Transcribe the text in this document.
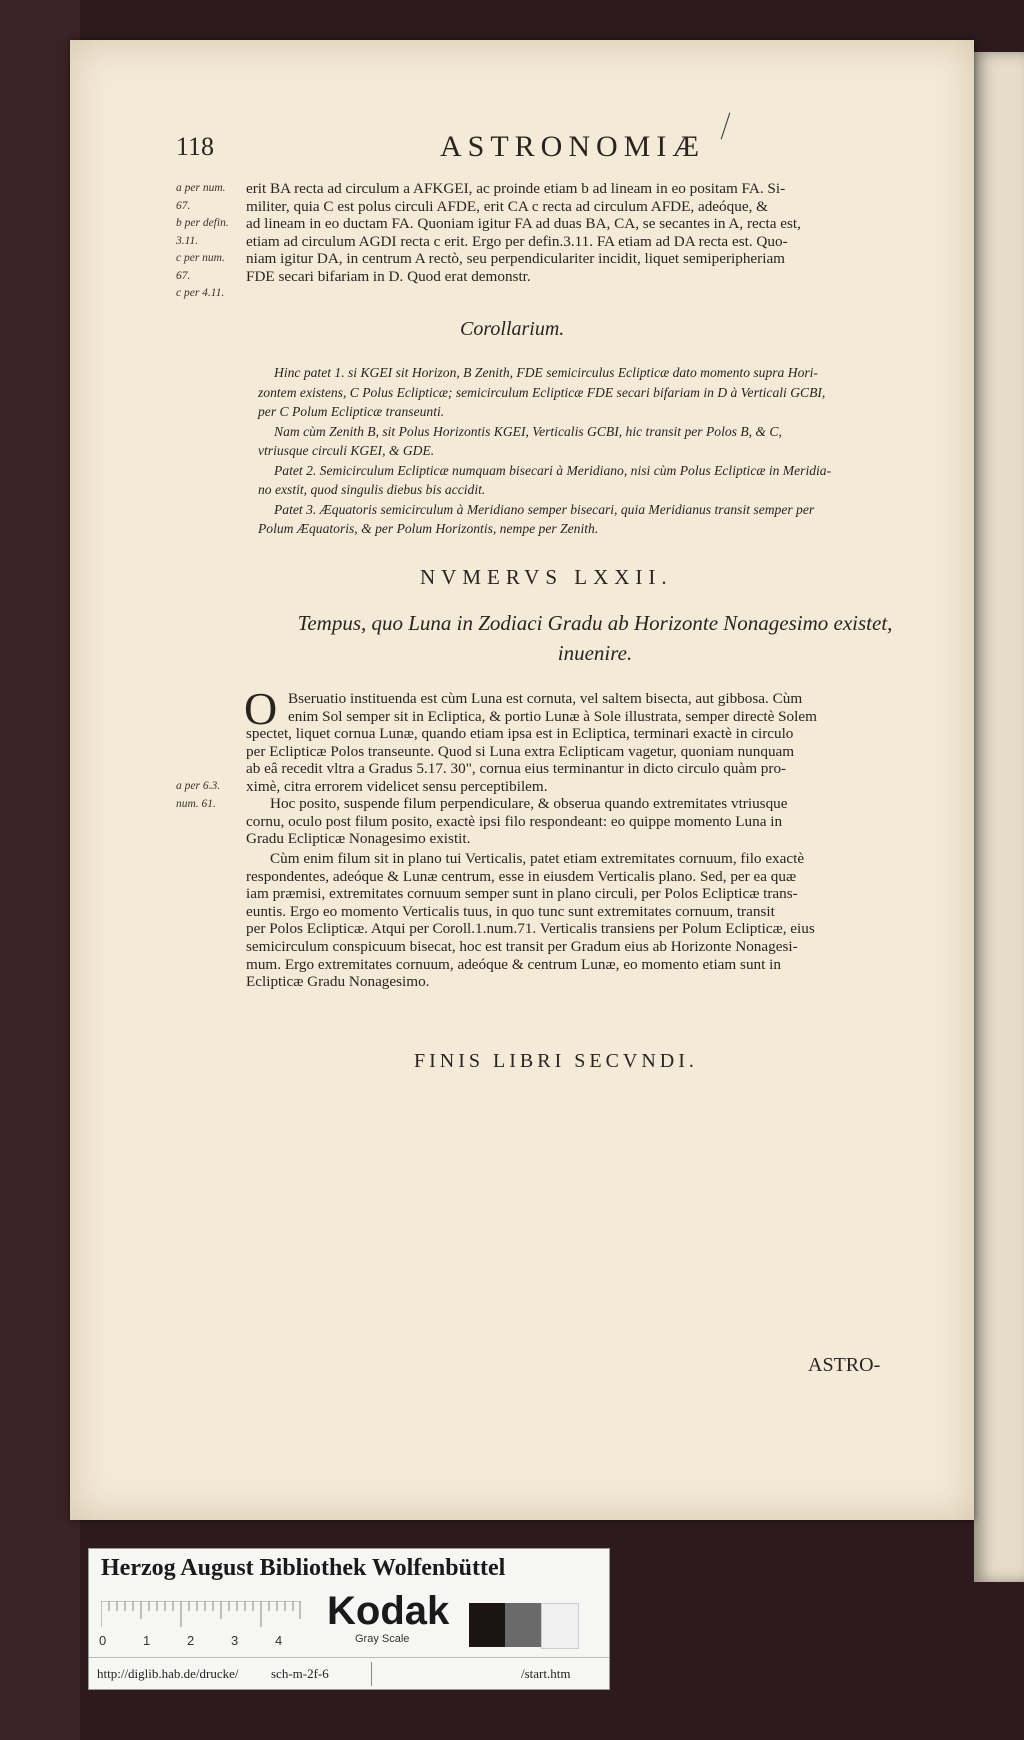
118	ASTRONOMIÆ
a per num.
67.
b per defin.
3.11.
c per num.
67.
c per 4.11.
erit BA recta ad circulum a AFKGEI, ac proinde etiam b ad lineam in eo positam FA. Si-
militer, quia C est polus circuli AFDE, erit CA c recta ad circulum AFDE, adeóque, &
ad lineam in eo ductam FA. Quoniam igitur FA ad duas BA, CA, se secantes in A, recta est,
etiam ad circulum AGDI recta c erit. Ergo per defin.3.11. FA etiam ad DA recta est. Quo-
niam igitur DA, in centrum A rectò, seu perpendiculariter incidit, liquet semiperipheriam
FDE secari bifariam in D. Quod erat demonstr.
Corollarium.

Hinc patet 1. si KGEI sit Horizon, B Zenith, FDE semicirculus Eclipticæ dato momento supra Hori-
zontem existens, C Polus Eclipticæ; semicirculum Eclipticæ FDE secari bifariam in D à Verticali GCBI,
per C Polum Eclipticæ transeunti.

Nam cùm Zenith B, sit Polus Horizontis KGEI, Verticalis GCBI, hic transit per Polos B, & C,
vtriusque circuli KGEI, & GDE.

Patet 2. Semicirculum Eclipticæ numquam bisecari à Meridiano, nisi cùm Polus Eclipticæ in Meridia-
no exstit, quod singulis diebus bis accidit.

Patet 3. Æquatoris semicirculum à Meridiano semper bisecari, quia Meridianus transit semper per
Polum Æquatoris, & per Polum Horizontis, nempe per Zenith.

NVMERVS LXXII.
Tempus, quo Luna in Zodiaci Gradu ab Horizonte Nonagesimo existet,
inuenire.
O Bseruatio instituenda est cùm Luna est cornuta, vel saltem bisecta, aut gibbosa. Cùm
enim Sol semper sit in Ecliptica, & portio Lunæ à Sole illustrata, semper directè Solem
spectet, liquet cornua Lunæ, quando etiam ipsa est in Ecliptica, terminari exactè in circulo
per Eclipticæ Polos transeunte. Quod si Luna extra Eclipticam vagetur, quoniam nunquam
ab eâ recedit vltra a Gradus 5.17. 30", cornua eius terminantur in dicto circulo quàm pro-
ximè, citra errorem videlicet sensu perceptibilem.
a per 6.3.
num. 61.	Hoc posito, suspende filum perpendiculare, & obserua quando extremitates vtriusque
cornu, oculo post filum posito, exactè ipsi filo respondeant: eo quippe momento Luna in
Gradu Eclipticæ Nonagesimo existit.
Cùm enim filum sit in plano tui Verticalis, patet etiam extremitates cornuum, filo exactè
respondentes, adeóque & Lunæ centrum, esse in eiusdem Verticalis plano. Sed, per ea quæ
iam præmisi, extremitates cornuum semper sunt in plano circuli, per Polos Eclipticæ trans-
euntis. Ergo eo momento Verticalis tuus, in quo tunc sunt extremitates cornuum, transit
per Polos Eclipticæ. Atqui per Coroll.1.num.71. Verticalis transiens per Polum Eclipticæ, eius
semicirculum conspicuum bisecat, hoc est transit per Gradum eius ab Horizonte Nonagesi-
mum. Ergo extremitates cornuum, adeóque & centrum Lunæ, eo momento etiam sunt in
Eclipticæ Gradu Nonagesimo.
FINIS LIBRI SECVNDI.
ASTRO-
Herzog August Bibliothek Wolfenbüttel
0	1	2	3	4
Kodak
Gray Scale
http://diglib.hab.de/drucke/ sch-m-2f-6	/start.htm
